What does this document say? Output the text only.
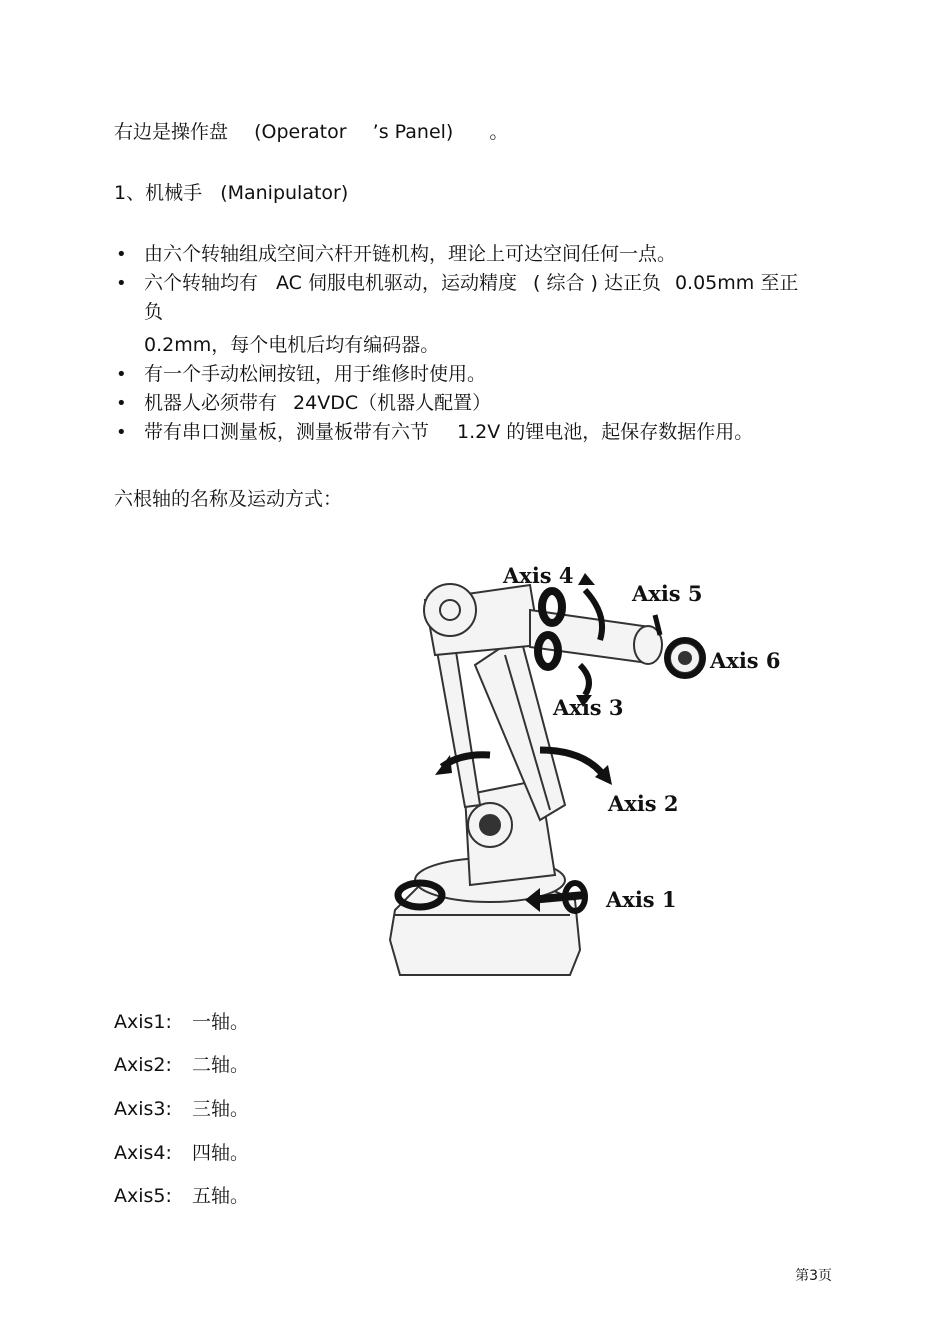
右边是操作盘 (Operator ’s Panel) 。
1、机械手 (Manipulator)
• 由六个转轴组成空间六杆开链机构，理论上可达空间任何一点。
• 六个转轴均有 AC 伺服电机驱动，运动精度 ( 综合 ) 达正负 0.05mm 至正
负
0.2mm，每个电机后均有编码器。
• 有一个手动松闸按钮，用于维修时使用。
• 机器人必须带有 24VDC（机器人配置）
• 带有串口测量板，测量板带有六节 1.2V 的锂电池，起保存数据作用。
六根轴的名称及运动方式：
Axis 4
Axis 5
Axis 6
Axis 3
Axis 2
Axis 1
Axis1: 一轴。
Axis2: 二轴。
Axis3: 三轴。
Axis4: 四轴。
Axis5: 五轴。
第3页
